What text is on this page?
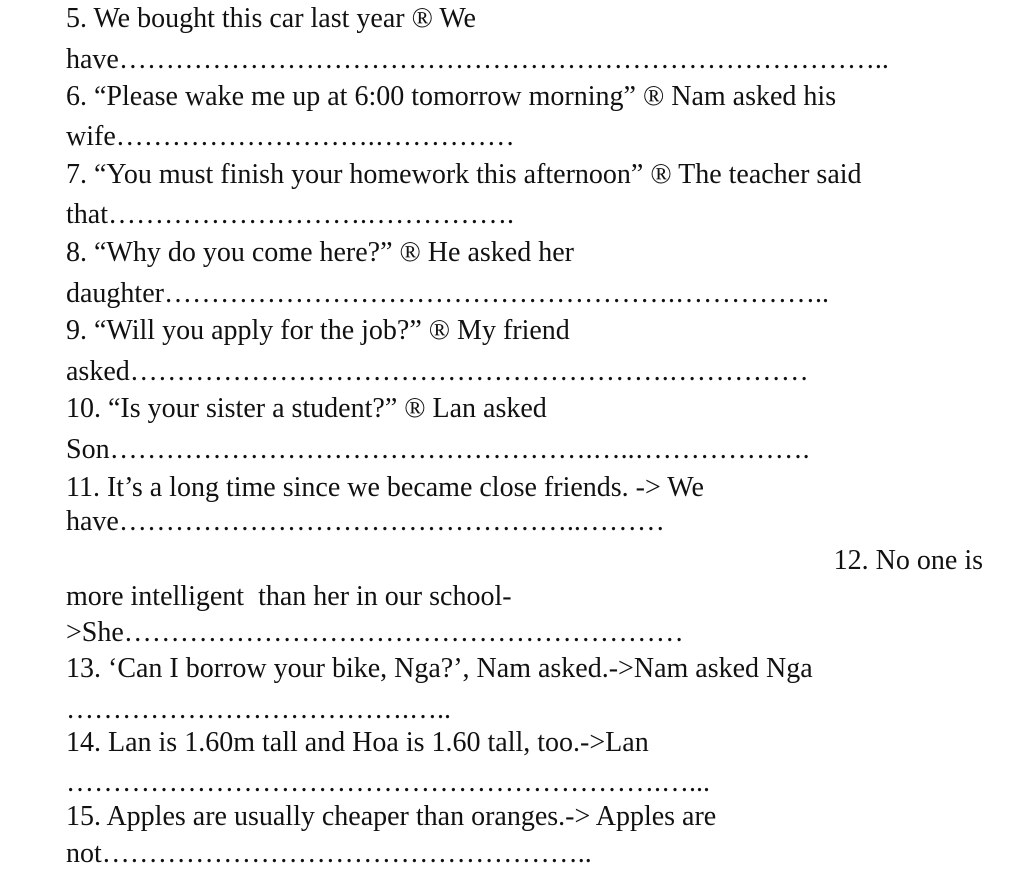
5. We bought this car last year ® We

have………………………………………………………………………..

6. “Please wake me up at 6:00 tomorrow morning” ® Nam asked his

wife……………………….……………

7. “You must finish your homework this afternoon” ® The teacher said

that……………………….…………….

8. “Why do you come here?” ® He asked her

daughter……………………………………………….……………..

9. “Will you apply for the job?” ® My friend

asked………………………………………………….……………

10. “Is your sister a student?” ® Lan asked

Son…………………………………………….…..……………….

11. It’s a long time since we became close friends. -> We

have…………………………………………..………

12. No one is

more intelligent  than her in our school-

>She……………………………………………………

13. ‘Can I borrow your bike, Nga?’, Nam asked.->Nam asked Nga

……………………………….…..

14. Lan is 1.60m tall and Hoa is 1.60 tall, too.->Lan

……………………………………………………….…...

15. Apples are usually cheaper than oranges.-> Apples are

not……………………………………………..
